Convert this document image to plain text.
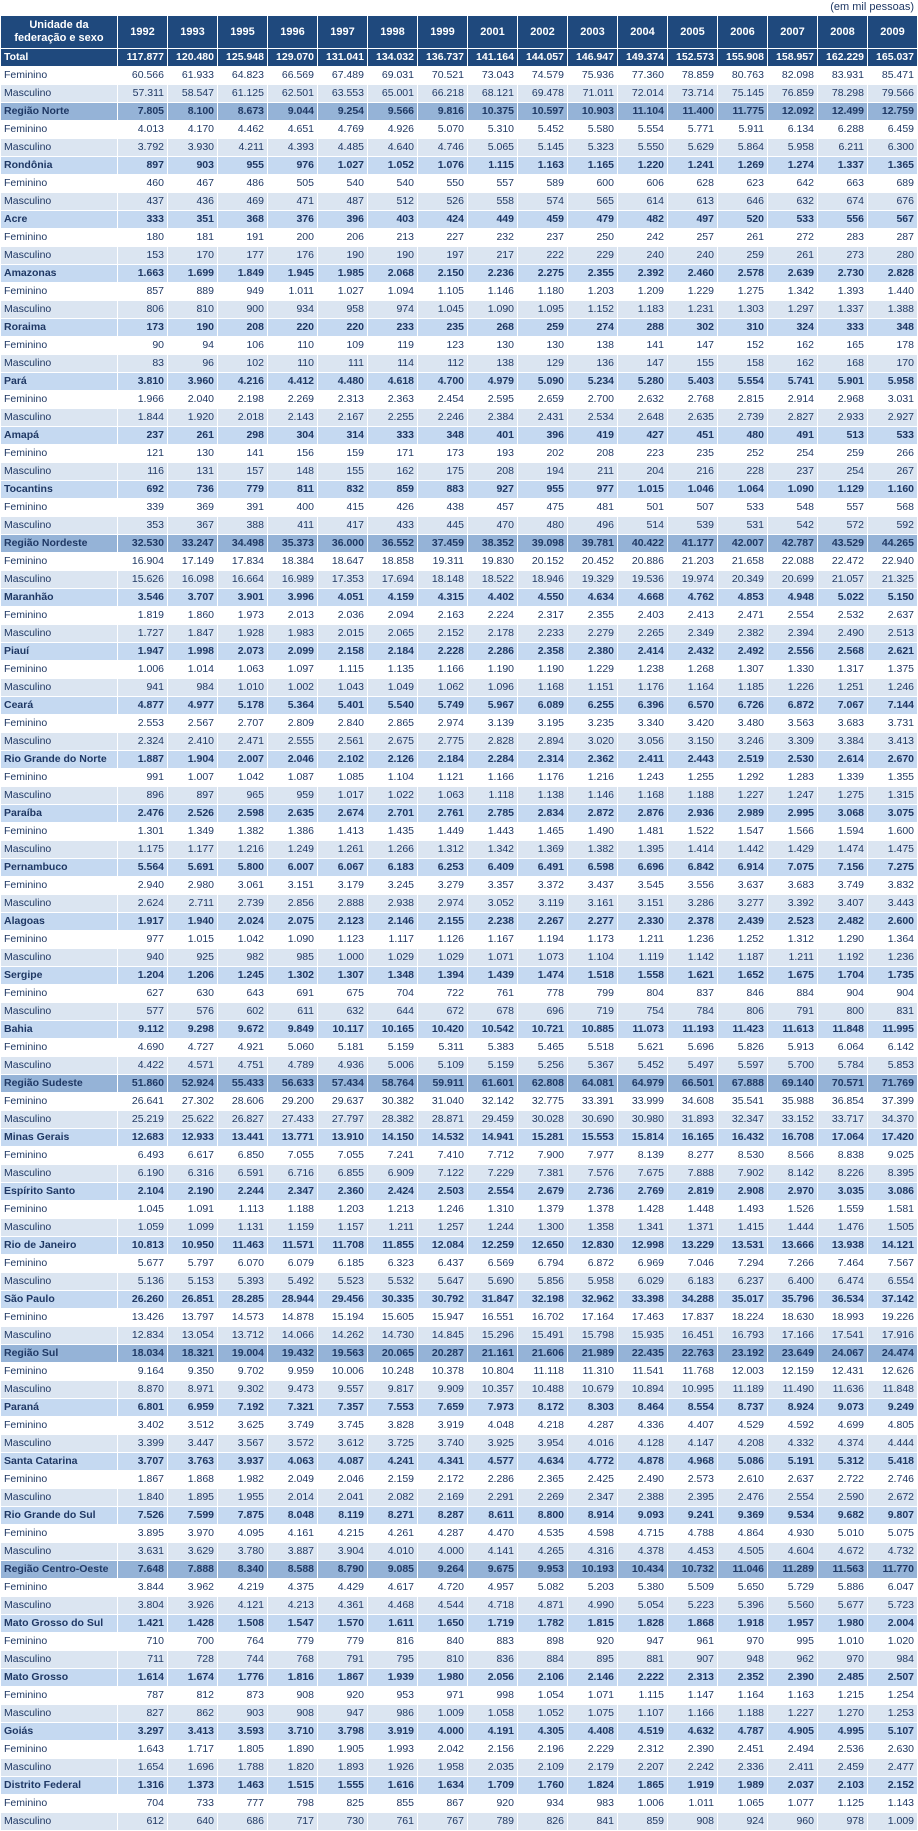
(em mil pessoas)
Unidade da federação e sexo	1992	1993	1995	1996	1997	1998	1999	2001	2002	2003	2004	2005	2006	2007	2008	2009
Total	117.877	120.480	125.948	129.070	131.041	134.032	136.737	141.164	144.057	146.947	149.374	152.573	155.908	158.957	162.229	165.037
Feminino	60.566	61.933	64.823	66.569	67.489	69.031	70.521	73.043	74.579	75.936	77.360	78.859	80.763	82.098	83.931	85.471
Masculino	57.311	58.547	61.125	62.501	63.553	65.001	66.218	68.121	69.478	71.011	72.014	73.714	75.145	76.859	78.298	79.566
Região Norte	7.805	8.100	8.673	9.044	9.254	9.566	9.816	10.375	10.597	10.903	11.104	11.400	11.775	12.092	12.499	12.759
Feminino	4.013	4.170	4.462	4.651	4.769	4.926	5.070	5.310	5.452	5.580	5.554	5.771	5.911	6.134	6.288	6.459
Masculino	3.792	3.930	4.211	4.393	4.485	4.640	4.746	5.065	5.145	5.323	5.550	5.629	5.864	5.958	6.211	6.300
Rondônia	897	903	955	976	1.027	1.052	1.076	1.115	1.163	1.165	1.220	1.241	1.269	1.274	1.337	1.365
Feminino	460	467	486	505	540	540	550	557	589	600	606	628	623	642	663	689
Masculino	437	436	469	471	487	512	526	558	574	565	614	613	646	632	674	676
Acre	333	351	368	376	396	403	424	449	459	479	482	497	520	533	556	567
Feminino	180	181	191	200	206	213	227	232	237	250	242	257	261	272	283	287
Masculino	153	170	177	176	190	190	197	217	222	229	240	240	259	261	273	280
Amazonas	1.663	1.699	1.849	1.945	1.985	2.068	2.150	2.236	2.275	2.355	2.392	2.460	2.578	2.639	2.730	2.828
Feminino	857	889	949	1.011	1.027	1.094	1.105	1.146	1.180	1.203	1.209	1.229	1.275	1.342	1.393	1.440
Masculino	806	810	900	934	958	974	1.045	1.090	1.095	1.152	1.183	1.231	1.303	1.297	1.337	1.388
Roraima	173	190	208	220	220	233	235	268	259	274	288	302	310	324	333	348
Feminino	90	94	106	110	109	119	123	130	130	138	141	147	152	162	165	178
Masculino	83	96	102	110	111	114	112	138	129	136	147	155	158	162	168	170
Pará	3.810	3.960	4.216	4.412	4.480	4.618	4.700	4.979	5.090	5.234	5.280	5.403	5.554	5.741	5.901	5.958
Feminino	1.966	2.040	2.198	2.269	2.313	2.363	2.454	2.595	2.659	2.700	2.632	2.768	2.815	2.914	2.968	3.031
Masculino	1.844	1.920	2.018	2.143	2.167	2.255	2.246	2.384	2.431	2.534	2.648	2.635	2.739	2.827	2.933	2.927
Amapá	237	261	298	304	314	333	348	401	396	419	427	451	480	491	513	533
Feminino	121	130	141	156	159	171	173	193	202	208	223	235	252	254	259	266
Masculino	116	131	157	148	155	162	175	208	194	211	204	216	228	237	254	267
Tocantins	692	736	779	811	832	859	883	927	955	977	1.015	1.046	1.064	1.090	1.129	1.160
Feminino	339	369	391	400	415	426	438	457	475	481	501	507	533	548	557	568
Masculino	353	367	388	411	417	433	445	470	480	496	514	539	531	542	572	592
Região Nordeste	32.530	33.247	34.498	35.373	36.000	36.552	37.459	38.352	39.098	39.781	40.422	41.177	42.007	42.787	43.529	44.265
Feminino	16.904	17.149	17.834	18.384	18.647	18.858	19.311	19.830	20.152	20.452	20.886	21.203	21.658	22.088	22.472	22.940
Masculino	15.626	16.098	16.664	16.989	17.353	17.694	18.148	18.522	18.946	19.329	19.536	19.974	20.349	20.699	21.057	21.325
Maranhão	3.546	3.707	3.901	3.996	4.051	4.159	4.315	4.402	4.550	4.634	4.668	4.762	4.853	4.948	5.022	5.150
Feminino	1.819	1.860	1.973	2.013	2.036	2.094	2.163	2.224	2.317	2.355	2.403	2.413	2.471	2.554	2.532	2.637
Masculino	1.727	1.847	1.928	1.983	2.015	2.065	2.152	2.178	2.233	2.279	2.265	2.349	2.382	2.394	2.490	2.513
Piauí	1.947	1.998	2.073	2.099	2.158	2.184	2.228	2.286	2.358	2.380	2.414	2.432	2.492	2.556	2.568	2.621
Feminino	1.006	1.014	1.063	1.097	1.115	1.135	1.166	1.190	1.190	1.229	1.238	1.268	1.307	1.330	1.317	1.375
Masculino	941	984	1.010	1.002	1.043	1.049	1.062	1.096	1.168	1.151	1.176	1.164	1.185	1.226	1.251	1.246
Ceará	4.877	4.977	5.178	5.364	5.401	5.540	5.749	5.967	6.089	6.255	6.396	6.570	6.726	6.872	7.067	7.144
Feminino	2.553	2.567	2.707	2.809	2.840	2.865	2.974	3.139	3.195	3.235	3.340	3.420	3.480	3.563	3.683	3.731
Masculino	2.324	2.410	2.471	2.555	2.561	2.675	2.775	2.828	2.894	3.020	3.056	3.150	3.246	3.309	3.384	3.413
Rio Grande do Norte	1.887	1.904	2.007	2.046	2.102	2.126	2.184	2.284	2.314	2.362	2.411	2.443	2.519	2.530	2.614	2.670
Feminino	991	1.007	1.042	1.087	1.085	1.104	1.121	1.166	1.176	1.216	1.243	1.255	1.292	1.283	1.339	1.355
Masculino	896	897	965	959	1.017	1.022	1.063	1.118	1.138	1.146	1.168	1.188	1.227	1.247	1.275	1.315
Paraíba	2.476	2.526	2.598	2.635	2.674	2.701	2.761	2.785	2.834	2.872	2.876	2.936	2.989	2.995	3.068	3.075
Feminino	1.301	1.349	1.382	1.386	1.413	1.435	1.449	1.443	1.465	1.490	1.481	1.522	1.547	1.566	1.594	1.600
Masculino	1.175	1.177	1.216	1.249	1.261	1.266	1.312	1.342	1.369	1.382	1.395	1.414	1.442	1.429	1.474	1.475
Pernambuco	5.564	5.691	5.800	6.007	6.067	6.183	6.253	6.409	6.491	6.598	6.696	6.842	6.914	7.075	7.156	7.275
Feminino	2.940	2.980	3.061	3.151	3.179	3.245	3.279	3.357	3.372	3.437	3.545	3.556	3.637	3.683	3.749	3.832
Masculino	2.624	2.711	2.739	2.856	2.888	2.938	2.974	3.052	3.119	3.161	3.151	3.286	3.277	3.392	3.407	3.443
Alagoas	1.917	1.940	2.024	2.075	2.123	2.146	2.155	2.238	2.267	2.277	2.330	2.378	2.439	2.523	2.482	2.600
Feminino	977	1.015	1.042	1.090	1.123	1.117	1.126	1.167	1.194	1.173	1.211	1.236	1.252	1.312	1.290	1.364
Masculino	940	925	982	985	1.000	1.029	1.029	1.071	1.073	1.104	1.119	1.142	1.187	1.211	1.192	1.236
Sergipe	1.204	1.206	1.245	1.302	1.307	1.348	1.394	1.439	1.474	1.518	1.558	1.621	1.652	1.675	1.704	1.735
Feminino	627	630	643	691	675	704	722	761	778	799	804	837	846	884	904	904
Masculino	577	576	602	611	632	644	672	678	696	719	754	784	806	791	800	831
Bahia	9.112	9.298	9.672	9.849	10.117	10.165	10.420	10.542	10.721	10.885	11.073	11.193	11.423	11.613	11.848	11.995
Feminino	4.690	4.727	4.921	5.060	5.181	5.159	5.311	5.383	5.465	5.518	5.621	5.696	5.826	5.913	6.064	6.142
Masculino	4.422	4.571	4.751	4.789	4.936	5.006	5.109	5.159	5.256	5.367	5.452	5.497	5.597	5.700	5.784	5.853
Região Sudeste	51.860	52.924	55.433	56.633	57.434	58.764	59.911	61.601	62.808	64.081	64.979	66.501	67.888	69.140	70.571	71.769
Feminino	26.641	27.302	28.606	29.200	29.637	30.382	31.040	32.142	32.775	33.391	33.999	34.608	35.541	35.988	36.854	37.399
Masculino	25.219	25.622	26.827	27.433	27.797	28.382	28.871	29.459	30.028	30.690	30.980	31.893	32.347	33.152	33.717	34.370
Minas Gerais	12.683	12.933	13.441	13.771	13.910	14.150	14.532	14.941	15.281	15.553	15.814	16.165	16.432	16.708	17.064	17.420
Feminino	6.493	6.617	6.850	7.055	7.055	7.241	7.410	7.712	7.900	7.977	8.139	8.277	8.530	8.566	8.838	9.025
Masculino	6.190	6.316	6.591	6.716	6.855	6.909	7.122	7.229	7.381	7.576	7.675	7.888	7.902	8.142	8.226	8.395
Espírito Santo	2.104	2.190	2.244	2.347	2.360	2.424	2.503	2.554	2.679	2.736	2.769	2.819	2.908	2.970	3.035	3.086
Feminino	1.045	1.091	1.113	1.188	1.203	1.213	1.246	1.310	1.379	1.378	1.428	1.448	1.493	1.526	1.559	1.581
Masculino	1.059	1.099	1.131	1.159	1.157	1.211	1.257	1.244	1.300	1.358	1.341	1.371	1.415	1.444	1.476	1.505
Rio de Janeiro	10.813	10.950	11.463	11.571	11.708	11.855	12.084	12.259	12.650	12.830	12.998	13.229	13.531	13.666	13.938	14.121
Feminino	5.677	5.797	6.070	6.079	6.185	6.323	6.437	6.569	6.794	6.872	6.969	7.046	7.294	7.266	7.464	7.567
Masculino	5.136	5.153	5.393	5.492	5.523	5.532	5.647	5.690	5.856	5.958	6.029	6.183	6.237	6.400	6.474	6.554
São Paulo	26.260	26.851	28.285	28.944	29.456	30.335	30.792	31.847	32.198	32.962	33.398	34.288	35.017	35.796	36.534	37.142
Feminino	13.426	13.797	14.573	14.878	15.194	15.605	15.947	16.551	16.702	17.164	17.463	17.837	18.224	18.630	18.993	19.226
Masculino	12.834	13.054	13.712	14.066	14.262	14.730	14.845	15.296	15.491	15.798	15.935	16.451	16.793	17.166	17.541	17.916
Região Sul	18.034	18.321	19.004	19.432	19.563	20.065	20.287	21.161	21.606	21.989	22.435	22.763	23.192	23.649	24.067	24.474
Feminino	9.164	9.350	9.702	9.959	10.006	10.248	10.378	10.804	11.118	11.310	11.541	11.768	12.003	12.159	12.431	12.626
Masculino	8.870	8.971	9.302	9.473	9.557	9.817	9.909	10.357	10.488	10.679	10.894	10.995	11.189	11.490	11.636	11.848
Paraná	6.801	6.959	7.192	7.321	7.357	7.553	7.659	7.973	8.172	8.303	8.464	8.554	8.737	8.924	9.073	9.249
Feminino	3.402	3.512	3.625	3.749	3.745	3.828	3.919	4.048	4.218	4.287	4.336	4.407	4.529	4.592	4.699	4.805
Masculino	3.399	3.447	3.567	3.572	3.612	3.725	3.740	3.925	3.954	4.016	4.128	4.147	4.208	4.332	4.374	4.444
Santa Catarina	3.707	3.763	3.937	4.063	4.087	4.241	4.341	4.577	4.634	4.772	4.878	4.968	5.086	5.191	5.312	5.418
Feminino	1.867	1.868	1.982	2.049	2.046	2.159	2.172	2.286	2.365	2.425	2.490	2.573	2.610	2.637	2.722	2.746
Masculino	1.840	1.895	1.955	2.014	2.041	2.082	2.169	2.291	2.269	2.347	2.388	2.395	2.476	2.554	2.590	2.672
Rio Grande do Sul	7.526	7.599	7.875	8.048	8.119	8.271	8.287	8.611	8.800	8.914	9.093	9.241	9.369	9.534	9.682	9.807
Feminino	3.895	3.970	4.095	4.161	4.215	4.261	4.287	4.470	4.535	4.598	4.715	4.788	4.864	4.930	5.010	5.075
Masculino	3.631	3.629	3.780	3.887	3.904	4.010	4.000	4.141	4.265	4.316	4.378	4.453	4.505	4.604	4.672	4.732
Região Centro-Oeste	7.648	7.888	8.340	8.588	8.790	9.085	9.264	9.675	9.953	10.193	10.434	10.732	11.046	11.289	11.563	11.770
Feminino	3.844	3.962	4.219	4.375	4.429	4.617	4.720	4.957	5.082	5.203	5.380	5.509	5.650	5.729	5.886	6.047
Masculino	3.804	3.926	4.121	4.213	4.361	4.468	4.544	4.718	4.871	4.990	5.054	5.223	5.396	5.560	5.677	5.723
Mato Grosso do Sul	1.421	1.428	1.508	1.547	1.570	1.611	1.650	1.719	1.782	1.815	1.828	1.868	1.918	1.957	1.980	2.004
Feminino	710	700	764	779	779	816	840	883	898	920	947	961	970	995	1.010	1.020
Masculino	711	728	744	768	791	795	810	836	884	895	881	907	948	962	970	984
Mato Grosso	1.614	1.674	1.776	1.816	1.867	1.939	1.980	2.056	2.106	2.146	2.222	2.313	2.352	2.390	2.485	2.507
Feminino	787	812	873	908	920	953	971	998	1.054	1.071	1.115	1.147	1.164	1.163	1.215	1.254
Masculino	827	862	903	908	947	986	1.009	1.058	1.052	1.075	1.107	1.166	1.188	1.227	1.270	1.253
Goiás	3.297	3.413	3.593	3.710	3.798	3.919	4.000	4.191	4.305	4.408	4.519	4.632	4.787	4.905	4.995	5.107
Feminino	1.643	1.717	1.805	1.890	1.905	1.993	2.042	2.156	2.196	2.229	2.312	2.390	2.451	2.494	2.536	2.630
Masculino	1.654	1.696	1.788	1.820	1.893	1.926	1.958	2.035	2.109	2.179	2.207	2.242	2.336	2.411	2.459	2.477
Distrito Federal	1.316	1.373	1.463	1.515	1.555	1.616	1.634	1.709	1.760	1.824	1.865	1.919	1.989	2.037	2.103	2.152
Feminino	704	733	777	798	825	855	867	920	934	983	1.006	1.011	1.065	1.077	1.125	1.143
Masculino	612	640	686	717	730	761	767	789	826	841	859	908	924	960	978	1.009
